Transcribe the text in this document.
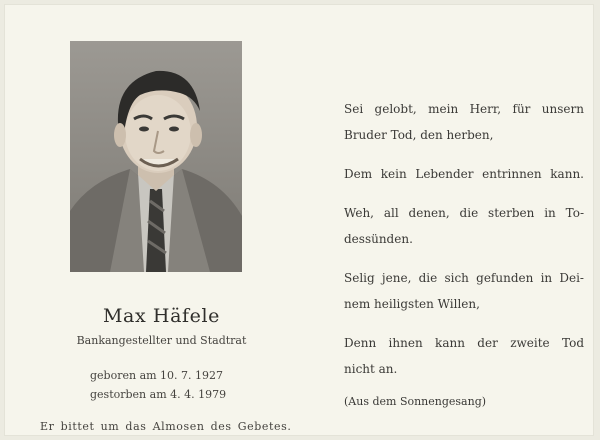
Max Häfele
Bankangestellter und Stadtrat
geboren am 10. 7. 1927
gestorben am 4. 4. 1979
Er bittet um das Almosen des Gebetes.
Sei gelobt, mein Herr, für unsern
Bruder Tod, den herben,
Dem kein Lebender entrinnen kann.
Weh, all denen, die sterben in To-
dessünden.
Selig jene, die sich gefunden in Dei-
nem heiligsten Willen,
Denn ihnen kann der zweite Tod
nicht an.
(Aus dem Sonnengesang)
